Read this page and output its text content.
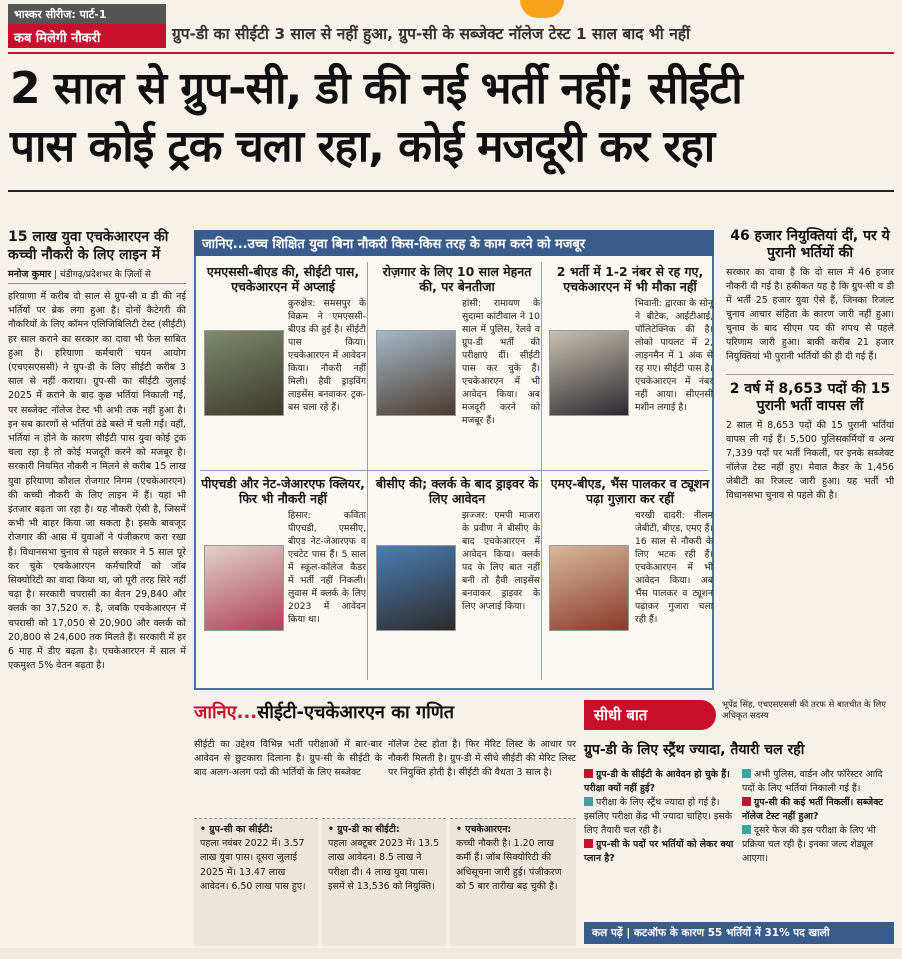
भास्कर सीरीज: पार्ट-1
कब मिलेगी नौकरी	ग्रुप-डी का सीईटी 3 साल से नहीं हुआ, ग्रुप-सी के सब्जेक्ट नॉलेज टेस्ट 1 साल बाद भी नहीं
2 साल से ग्रुप-सी, डी की नई भर्ती नहीं; सीईटी
पास कोई ट्रक चला रहा, कोई मजदूरी कर रहा
15 लाख युवा एचकेआरएन की कच्ची नौकरी के लिए लाइन में
मनोज कुमार | चंडीगढ़/प्रदेशभर के ज़िलों से
हरियाणा में करीब दो साल से ग्रुप-सी व डी की नई भर्तियों पर ब्रेक लगा हुआ है। दोनों कैटेगरी की नौकरियों के लिए कॉमन एलिजिबिलिटी टेस्ट (सीईटी) हर साल कराने का सरकार का दावा भी फेल साबित हुआ है। हरियाणा कर्मचारी चयन आयोग (एचएसएससी) ने ग्रुप-डी के लिए सीईटी करीब 3 साल से नहीं कराया। ग्रुप-सी का सीईटी जुलाई 2025 में कराने के बाद कुछ भर्तियां निकाली गईं, पर सब्जेक्ट नॉलेज टेस्ट भी अभी तक नहीं हुआ है। इन सब कारणों से भर्तियां ठंडे बस्ते में चली गईं। वहीं, भर्तियां न होने के कारण सीईटी पास युवा कोई ट्रक चला रहा है तो कोई मजदूरी करने को मजबूर है। सरकारी नियमित नौकरी न मिलने से करीब 15 लाख युवा हरियाणा कौशल रोजगार निगम (एचकेआरएन) की कच्ची नौकरी के लिए लाइन में हैं। यहां भी इंतजार बढ़ता जा रहा है। यह नौकरी ऐसी है, जिसमें कभी भी बाहर किया जा सकता है। इसके बावजूद रोजगार की आस में युवाओं ने पंजीकरण करा रखा है। विधानसभा चुनाव से पहले सरकार ने 5 साल पूरे कर चुके एचकेआरएन कर्मचारियों को जॉब सिक्योरिटी का वादा किया था, जो पूरी तरह सिरे नहीं चढ़ा है। सरकारी चपरासी का वेतन 29,840 और क्लर्क का 37,520 रु. है, जबकि एचकेआरएन में चपरासी को 17,050 से 20,900 और क्लर्क को 20,800 से 24,600 तक मिलते हैं। सरकारी में हर 6 माह में डीए बढ़ता है। एचकेआरएन में साल में एकमुश्त 5% वेतन बढ़ता है।
जानिए...उच्च शिक्षित युवा बिना नौकरी किस-किस तरह के काम करने को मजबूर
एमएससी-बीएड की, सीईटी पास, एचकेआरएन में अप्लाई

कुरुक्षेत्र: समसपुर के विक्रम ने एमएससी-बीएड की हुई है। सीईटी पास किया। एचकेआरएन में आवेदन किया। नौकरी नहीं मिली। हैवी ड्राइविंग लाइसेंस बनवाकर ट्रक-बस चला रहे हैं।

रोज़गार के लिए 10 साल मेहनत की, पर बेनतीजा

हांसी: रामायण के सुदामा कांटीवाल ने 10 साल में पुलिस, रेलवे व ग्रुप-डी भर्ती की परीक्षाएं दीं। सीईटी पास कर चुके हैं। एचकेआरएन में भी आवेदन किया। अब मजदूरी करने को मजबूर हैं।

2 भर्ती में 1-2 नंबर से रह गए, एचकेआरएन में भी मौका नहीं

भिवानी: द्वारका के सोनू ने बीटेक, आईटीआई, पॉलिटेक्निक की है। लोको पायलट में 2, लाइनमैन में 1 अंक से रह गए। सीईटी पास है। एचकेआरएन में नंबर नहीं आया। सीएनसी मशीन लगाई है।

पीएचडी और नेट-जेआरएफ क्लियर, फिर भी नौकरी नहीं

हिसार: कविता पीएचडी, एमसीए, बीएड नेट-जेआरएफ व एचटेट पास हैं। 5 साल में स्कूल-कॉलेज कैडर में भर्ती नहीं निकली। लुवास में क्लर्क के लिए 2023 में आवेदन किया था।

बीसीए की; क्लर्क के बाद ड्राइवर के लिए आवेदन

झज्जर: एमपी माजरा के प्रवीण ने बीसीए के बाद एचकेआरएन में आवेदन किया। क्लर्क पद के लिए बात नहीं बनी तो हैवी लाइसेंस बनवाकर ड्राइवर के लिए अप्लाई किया।

एमए-बीएड, भैंस पालकर व ट्यूशन पढ़ा गुज़ारा कर रहीं

चरखी दादरी: नीलम जेबीटी, बीएड, एमए हैं। 16 साल से नौकरी के लिए भटक रही हैं। एचकेआरएन में भी आवेदन किया। अब भैंस पालकर व ट्यूशन पढ़ाकर गुजारा चला रही हैं।

46 हजार नियुक्तियां दीं, पर ये पुरानी भर्तियों की

सरकार का दावा है कि दो साल में 46 हजार नौकरी दी गई है। हकीकत यह है कि ग्रुप-सी व डी में भर्ती 25 हजार युवा ऐसे हैं, जिनका रिजल्ट चुनाव आचार संहिता के कारण जारी नहीं हुआ। चुनाव के बाद सीएम पद की शपथ से पहले परिणाम जारी हुआ। बाकी करीब 21 हजार नियुक्तियां भी पुरानी भर्तियों की ही दी गई हैं।

2 वर्ष में 8,653 पदों की 15 पुरानी भर्ती वापस लीं

2 साल में 8,653 पदों की 15 पुरानी भर्तियां वापस ली गई हैं। 5,500 पुलिसकर्मियों व अन्य 7,339 पदों पर भर्ती निकलीं, पर इनके सब्जेक्ट नॉलेज टेस्ट नहीं हुए। मेवात कैडर के 1,456 जेबीटी का रिजल्ट जारी हुआ। यह भर्ती भी विधानसभा चुनाव से पहले की है।

जानिए...सीईटी-एचकेआरएन का गणित
सीईटी का उद्देश्य विभिन्न भर्ती परीक्षाओं में बार-बार आवेदन से छुटकारा दिलाना है। ग्रुप-सी के सीईटी के बाद अलग-अलग पदों की भर्तियों के लिए सब्जेक्ट
नॉलेज टेस्ट होता है। फिर मेरिट लिस्ट के आधार पर नौकरी मिलती है। ग्रुप-डी में सीधे सीईटी की मेरिट लिस्ट पर नियुक्ति होती है। सीईटी की वैधता 3 साल है।
• ग्रुप-सी का सीईटी:
पहला नवंबर 2022 में। 3.57 लाख युवा पास। दूसरा जुलाई 2025 में। 13.47 लाख आवेदन। 6.50 लाख पास हुए।
• ग्रुप-डी का सीईटी:
पहला अक्टूबर 2023 में। 13.5 लाख आवेदन। 8.5 लाख ने परीक्षा दी। 4 लाख युवा पास। इसमें से 13,536 को नियुक्ति।
• एचकेआरएन:
कच्ची नौकरी है। 1.20 लाख कर्मी हैं। जॉब सिक्योरिटी की अधिसूचना जारी हुई। पंजीकरण को 5 बार तारीख बढ़ चुकी है।
सीधी बात
भूपेंद्र सिंह, एचएसएससी की तरफ से बातचीत के लिए अधिकृत सदस्य
ग्रुप-डी के लिए स्ट्रैंथ ज्यादा, तैयारी चल रही
ग्रुप-डी के सीईटी के आवेदन हो चुके हैं। परीक्षा क्यों नहीं हुई?
परीक्षा के लिए स्ट्रैंथ ज्यादा हो गई है। इसलिए परीक्षा केंद्र भी ज्यादा चाहिए। इसके लिए तैयारी चल रही है।
ग्रुप-सी के पदों पर भर्तियों को लेकर क्या प्लान है?
अभी पुलिस, वार्डन और फॉरेस्टर आदि पदों के लिए भर्तियां निकाली गई हैं।
ग्रुप-सी की कई भर्ती निकलीं। सब्जेक्ट नॉलेज टेस्ट नहीं हुआ?
दूसरे फेज की इस परीक्षा के लिए भी प्रक्रिया चल रही है। इनका जल्द शेड्यूल आएगा।
कल पढ़ें | कटऑफ के कारण 55 भर्तियों में 31% पद खाली
